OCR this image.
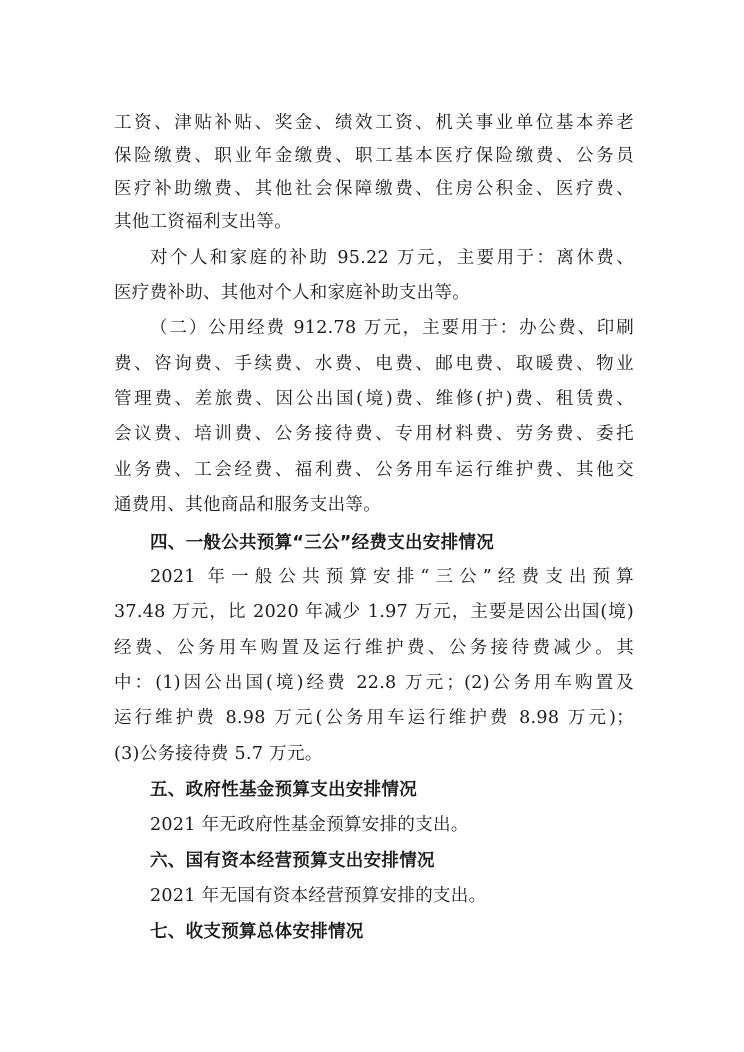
工资、津贴补贴、奖金、绩效工资、机关事业单位基本养老
保险缴费、职业年金缴费、职工基本医疗保险缴费、公务员
医疗补助缴费、其他社会保障缴费、住房公积金、医疗费、
其他工资福利支出等。
对个人和家庭的补助 95.22 万元，主要用于：离休费、
医疗费补助、其他对个人和家庭补助支出等。
（二）公用经费 912.78 万元，主要用于：办公费、印刷
费、咨询费、手续费、水费、电费、邮电费、取暖费、物业
管理费、差旅费、因公出国(境)费、维修(护)费、租赁费、
会议费、培训费、公务接待费、专用材料费、劳务费、委托
业务费、工会经费、福利费、公务用车运行维护费、其他交
通费用、其他商品和服务支出等。
四、一般公共预算“三公”经费支出安排情况
2021 年一般公共预算安排“三公”经费支出预算
37.48 万元，比 2020 年减少 1.97 万元，主要是因公出国(境)
经费、公务用车购置及运行维护费、公务接待费减少。其
中：(1)因公出国(境)经费 22.8 万元；(2)公务用车购置及
运行维护费 8.98 万元(公务用车运行维护费 8.98 万元)；
(3)公务接待费 5.7 万元。
五、政府性基金预算支出安排情况
2021 年无政府性基金预算安排的支出。
六、国有资本经营预算支出安排情况
2021 年无国有资本经营预算安排的支出。
七、收支预算总体安排情况
